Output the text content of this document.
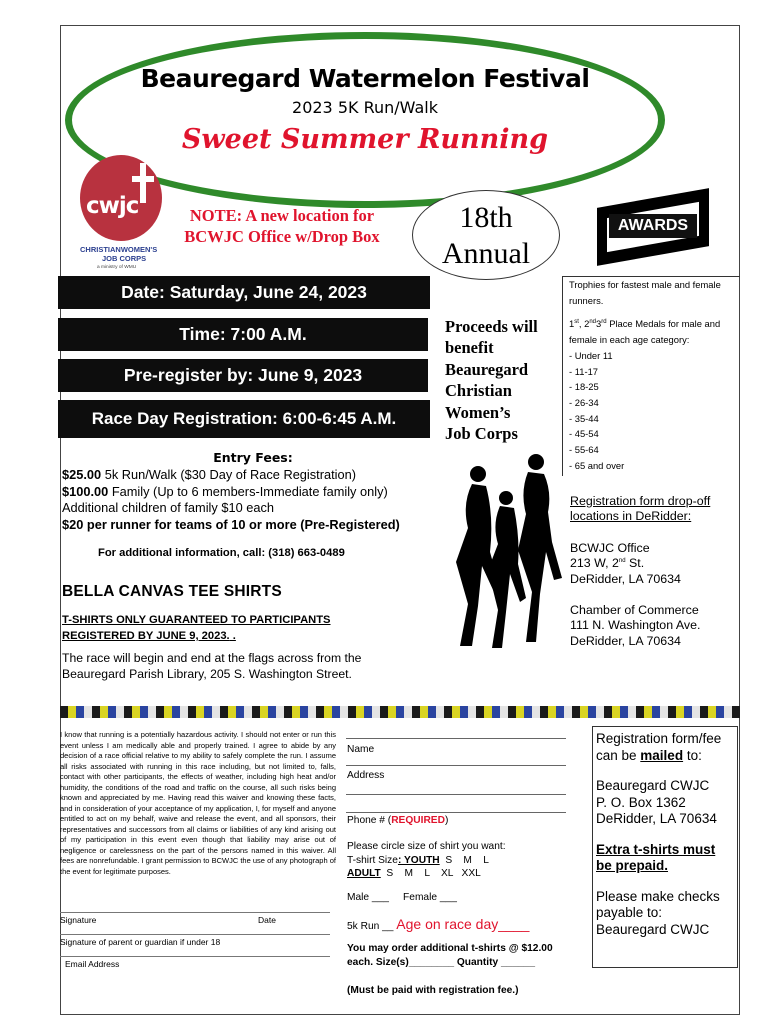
Beauregard Watermelon Festival
2023 5K Run/Walk
Sweet Summer Running
cwjc
CHRISTIANWOMEN'S
JOB CORPS
a ministry of WMU
NOTE: A new location for BCWJC Office w/Drop Box
18th
Annual
AWARDS
Date: Saturday, June 24, 2023
Time: 7:00 A.M.
Pre-register by: June 9, 2023
Race Day Registration: 6:00-6:45 A.M.
Proceeds will
benefit
Beauregard
Christian
Women’s
Job Corps

Trophies for fastest male and female runners.

1st, 2nd3rd Place Medals for male and female in each age category:

- Under 11

- 11-17

- 18-25

- 26-34

- 35-44

- 45-54

- 55-64

- 65 and over

Entry Fees:
$25.00 5k Run/Walk ($30 Day of Race Registration)
$100.00 Family (Up to 6 members-Immediate family only)
Additional children of family $10 each
$20 per runner for teams of 10 or more (Pre-Registered)
For additional information, call: (318) 663-0489
Registration form drop-off locations in DeRidder:
BCWJC Office
213 W, 2nd St.
DeRidder, LA 70634
Chamber of Commerce
111 N. Washington Ave.
DeRidder, LA 70634
BELLA CANVAS TEE SHIRTS
T-SHIRTS ONLY GUARANTEED TO PARTICIPANTS REGISTERED BY JUNE 9, 2023. .
The race will begin and end at the flags across from the Beauregard Parish Library, 205 S. Washington Street.
I know that running is a potentially hazardous activity. I should not enter or run this event unless I am medically able and properly trained. I agree to abide by any decision of a race official relative to my ability to safely complete the run. I assume all risks associated with running in this race including, but not limited to, falls, contact with other participants, the effects of weather, including high heat and/or humidity, the conditions of the road and traffic on the course, all such risks being known and appreciated by me. Having read this waiver and knowing these facts, and in consideration of your acceptance of my application, I, for myself and anyone entitled to act on my behalf, waive and release the event, and all sponsors, their representatives and successors from all claims or liabilities of any kind arising out of my participation in this event even though that liability may arise out of negligence or carelessness on the part of the persons named in this waiver. All fees are nonrefundable. I grant permission to BCWJC the use of any photograph of the event for legitimate purposes.
Signature	Date
Signature of parent or guardian if under 18
Email Address
Name
Address
Phone # (REQUIRED)
Please circle size of shirt you want:
T-shirt Size: YOUTH  S    M    L
ADULT  S    M    L    XL   XXL
Male ___     Female ___
5k Run __ Age on race day____
You may order additional t-shirts @ $12.00 each. Size(s)________ Quantity ______
(Must be paid with registration fee.)

Registration form/fee can be mailed to:

Beauregard CWJC
P. O. Box 1362
DeRidder, LA 70634

Extra t-shirts must be prepaid.

Please make checks payable to: Beauregard CWJC
